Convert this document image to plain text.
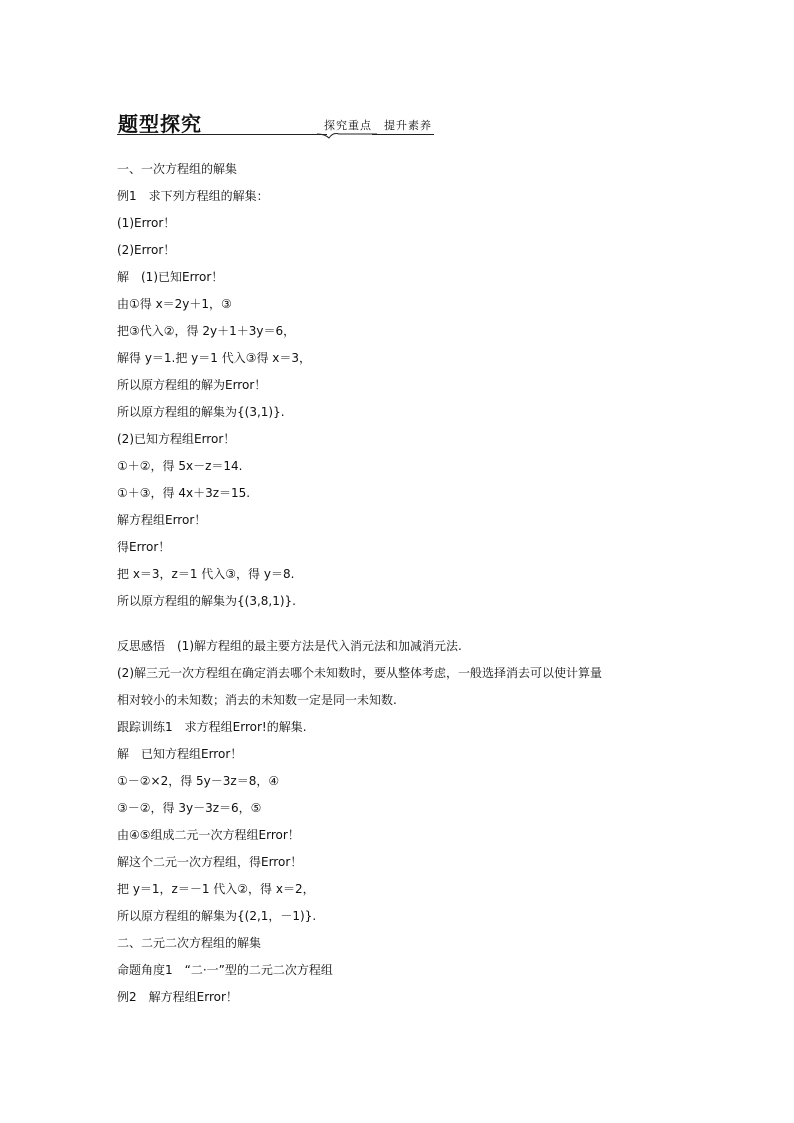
题型探究	探究重点　提升素养
一、一次方程组的解集
例1　求下列方程组的解集：
(1)Error！
(2)Error！
解　(1)已知Error！
由①得 x＝2y＋1，③
把③代入②，得 2y＋1＋3y＝6，
解得 y＝1.把 y＝1 代入③得 x＝3，
所以原方程组的解为Error！
所以原方程组的解集为{(3,1)}.
(2)已知方程组Error！
①＋②，得 5x－z＝14.
①＋③，得 4x＋3z＝15.
解方程组Error！
得Error！
把 x＝3，z＝1 代入③，得 y＝8.
所以原方程组的解集为{(3,8,1)}.
反思感悟　(1)解方程组的最主要方法是代入消元法和加减消元法.
(2)解三元一次方程组在确定消去哪个未知数时，要从整体考虑，一般选择消去可以使计算量
相对较小的未知数；消去的未知数一定是同一未知数.
跟踪训练1　求方程组Error!的解集.
解　已知方程组Error！
①－②×2，得 5y－3z＝8，④
③－②，得 3y－3z＝6，⑤
由④⑤组成二元一次方程组Error！
解这个二元一次方程组，得Error！
把 y＝1，z＝－1 代入②，得 x＝2，
所以原方程组的解集为{(2,1，－1)}.
二、二元二次方程组的解集
命题角度1　“二·一”型的二元二次方程组
例2　解方程组Error！
